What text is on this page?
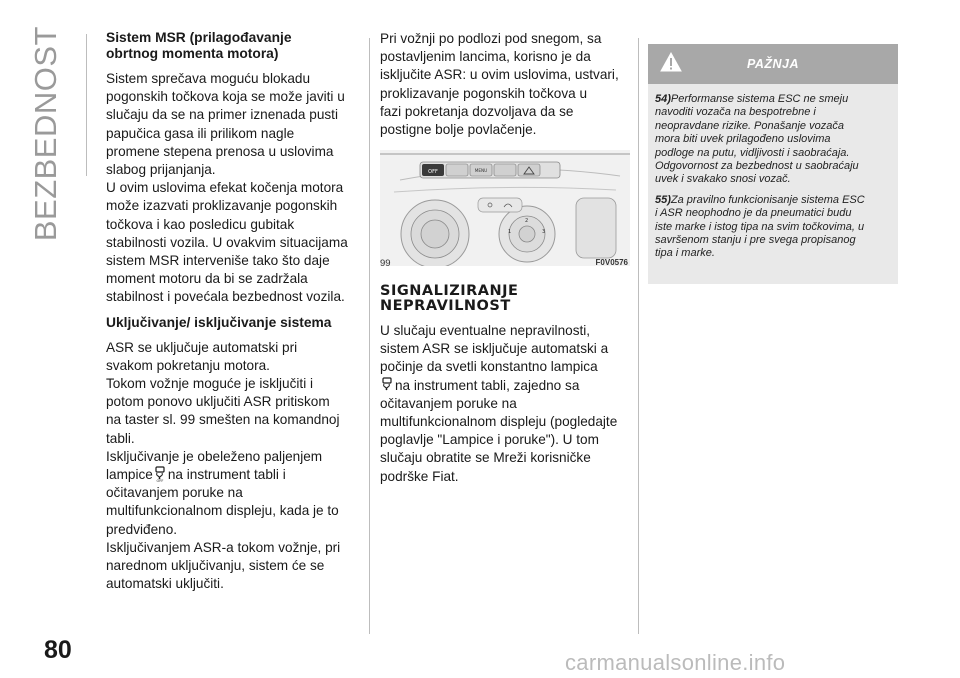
BEZBEDNOST
80

Sistem MSR (prilagođavanje
obrtnog momenta motora)

Sistem sprečava moguću blokadu
pogonskih točkova koja se može javiti u
slučaju da se na primer iznenada pusti
papučica gasa ili prilikom nagle
promene stepena prenosa u uslovima
slabog prijanjanja.
U ovim uslovima efekat kočenja motora
može izazvati proklizavanje pogonskih
točkova i kao posledicu gubitak
stabilnosti vozila. U ovakvim situacijama
sistem MSR interveniše tako što daje
moment motoru da bi se zadržala
stabilnost i povećala bezbednost vozila.

Uključivanje/ isključivanje sistema

ASR se uključuje automatski pri
svakom pokretanju motora.
Tokom vožnje moguće je isključiti i
potom ponovo uključiti ASR pritiskom
na taster sl. 99 smešten na komandnoj
tabli.
Isključivanje je obeleženo paljenjem
lampice OFF na instrument tabli i
očitavanjem poruke na
multifunkcionalnom displeju, kada je to
predviđeno.
Isključivanjem ASR-a tokom vožnje, pri
narednom uključivanju, sistem će se
automatski uključiti.

Pri vožnji po podlozi pod snegom, sa
postavljenim lancima, korisno je da
isključite ASR: u ovim uslovima, ustvari,
proklizavanje pogonskih točkova u
fazi pokretanja dozvoljava da se
postigne bolje povlačenje.

OFF	MENU
1
2
3
99	F0V0576
SIGNALIZIRANJE
NEPRAVILNOST

U slučaju eventualne nepravilnosti,
sistem ASR se isključuje automatski a
počinje da svetli konstantno lampica
na instrument tabli, zajedno sa
očitavanjem poruke na
multifunkcionalnom displeju (pogledajte
poglavlje "Lampice i poruke"). U tom
slučaju obratite se Mreži korisničke
podrške Fiat.

PAŽNJA

54)Performanse sistema ESC ne smeju
navoditi vozača na bespotrebne i
neopravdane rizike. Ponašanje vozača
mora biti uvek prilagođeno uslovima
podloge na putu, vidljivosti i saobraćaja.
Odgovornost za bezbednost u saobraćaju
uvek i svakako snosi vozač.

55)Za pravilno funkcionisanje sistema ESC
i ASR neophodno je da pneumatici budu
iste marke i istog tipa na svim točkovima, u
savršenom stanju i pre svega propisanog
tipa i marke.

carmanualsonline.info
